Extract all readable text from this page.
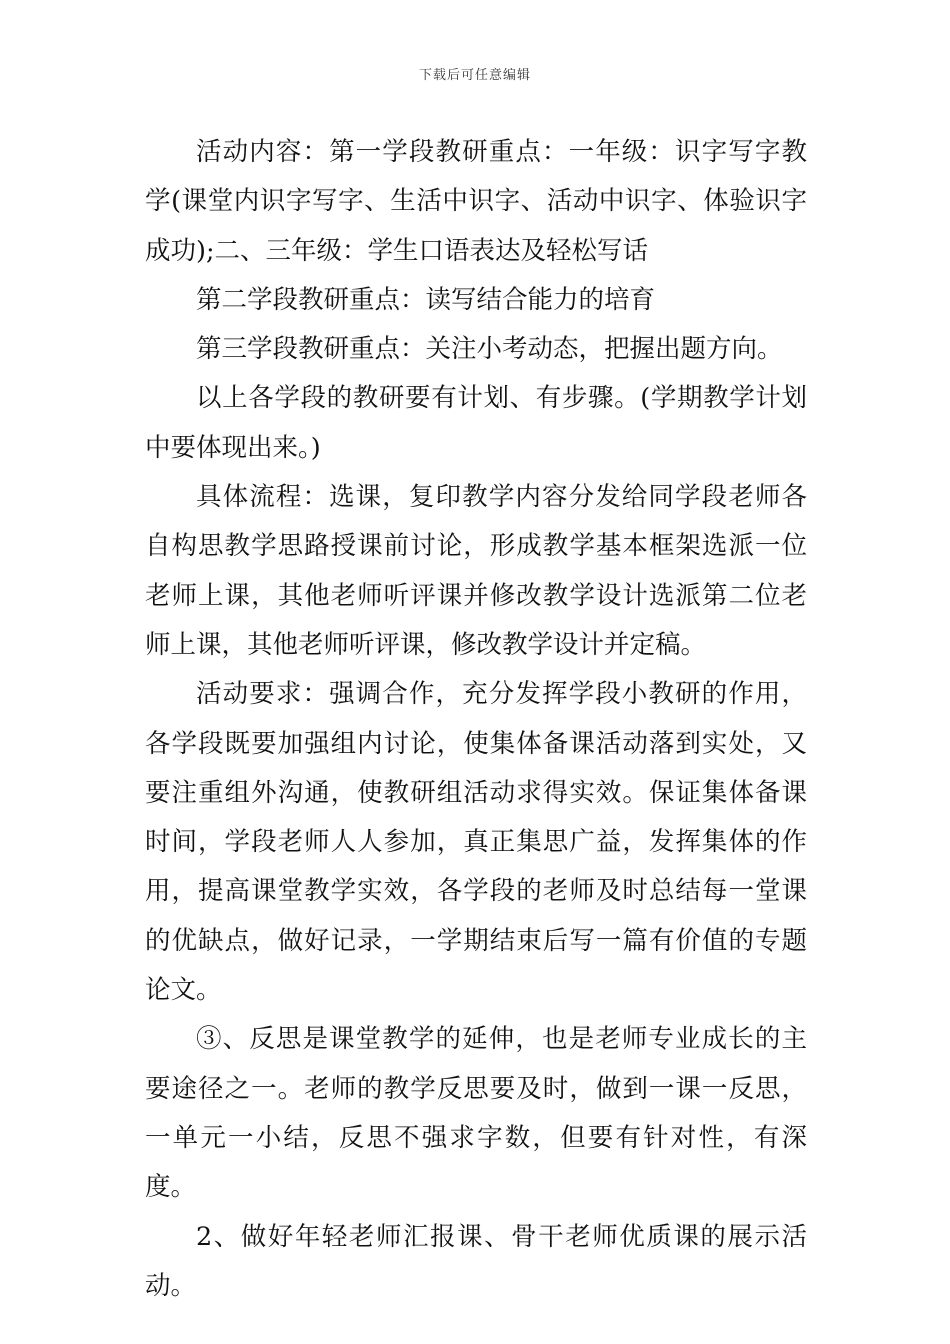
下载后可任意编辑

活动内容：第一学段教研重点：一年级：识字写字教学(课堂内识字写字、生活中识字、活动中识字、体验识字成功);二、三年级：学生口语表达及轻松写话

第二学段教研重点：读写结合能力的培育

第三学段教研重点：关注小考动态，把握出题方向。

以上各学段的教研要有计划、有步骤。(学期教学计划中要体现出来。)

具体流程：选课，复印教学内容分发给同学段老师各自构思教学思路授课前讨论，形成教学基本框架选派一位老师上课，其他老师听评课并修改教学设计选派第二位老师上课，其他老师听评课，修改教学设计并定稿。

活动要求：强调合作，充分发挥学段小教研的作用，各学段既要加强组内讨论，使集体备课活动落到实处，又要注重组外沟通，使教研组活动求得实效。保证集体备课时间，学段老师人人参加，真正集思广益，发挥集体的作用，提高课堂教学实效，各学段的老师及时总结每一堂课的优缺点，做好记录，一学期结束后写一篇有价值的专题论文。

③、反思是课堂教学的延伸，也是老师专业成长的主要途径之一。老师的教学反思要及时，做到一课一反思，一单元一小结，反思不强求字数，但要有针对性，有深度。

2、做好年轻老师汇报课、骨干老师优质课的展示活动。
